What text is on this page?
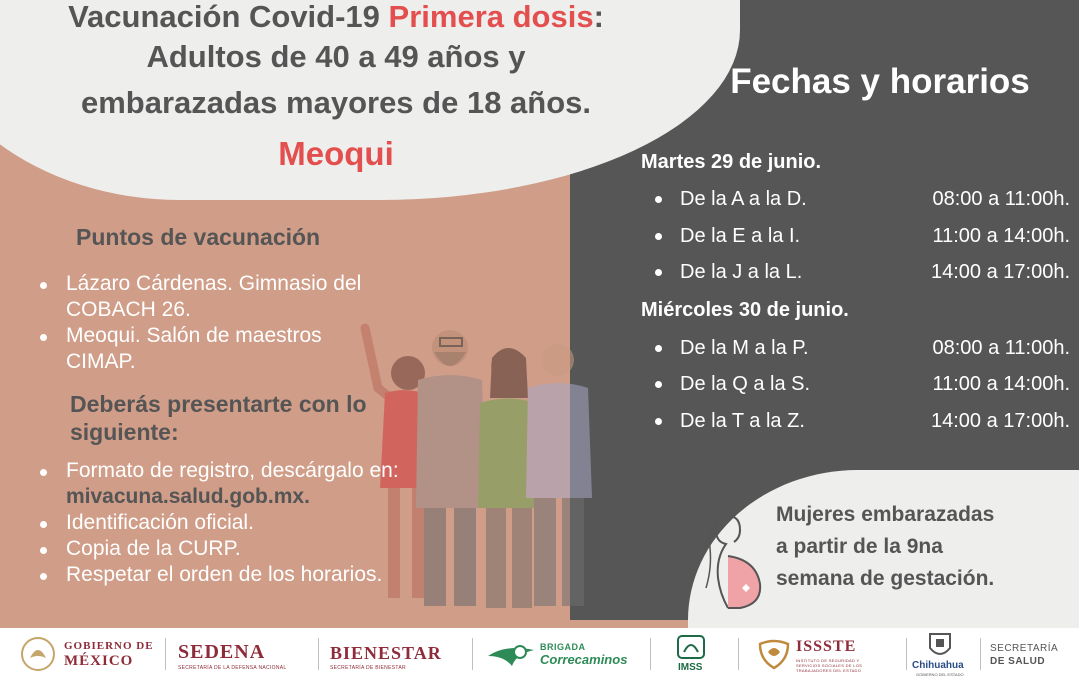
Vacunación Covid-19 Primera dosis:
Adultos de 40 a 49 años y
embarazadas mayores de 18 años.
Meoqui
Puntos de vacunación
Lázaro Cárdenas. Gimnasio del COBACH 26.
Meoqui. Salón de maestros CIMAP.
Deberás presentarte con lo siguiente:
Formato de registro, descárgalo en:
mivacuna.salud.gob.mx.
Identificación oficial.
Copia de la CURP.
Respetar el orden de los horarios.
Fechas y horarios
Martes 29 de junio.
De la A a la D.	08:00 a 11:00h.
De la E a la I.	11:00 a 14:00h.
De la J a la L.	14:00 a 17:00h.
Miércoles 30 de junio.
De la M a la P.	08:00 a 11:00h.
De la Q a la S.	11:00 a 14:00h.
De la T a la Z.	14:00 a 17:00h.
Mujeres embarazadas
a partir de la 9na
semana de gestación.
GOBIERNO DE
MÉXICO SEDENA
SECRETARÍA DE LA DEFENSA NACIONAL
BIENESTAR
SECRETARÍA DE BIENESTAR
BRIGADA
Correcaminos
IMSS
ISSSTE
INSTITUTO DE SEGURIDAD Y SERVICIOS SOCIALES DE LOS TRABAJADORES DEL ESTADO	Chihuahua
GOBIERNO DEL ESTADO
SECRETARÍA
DE SALUD
